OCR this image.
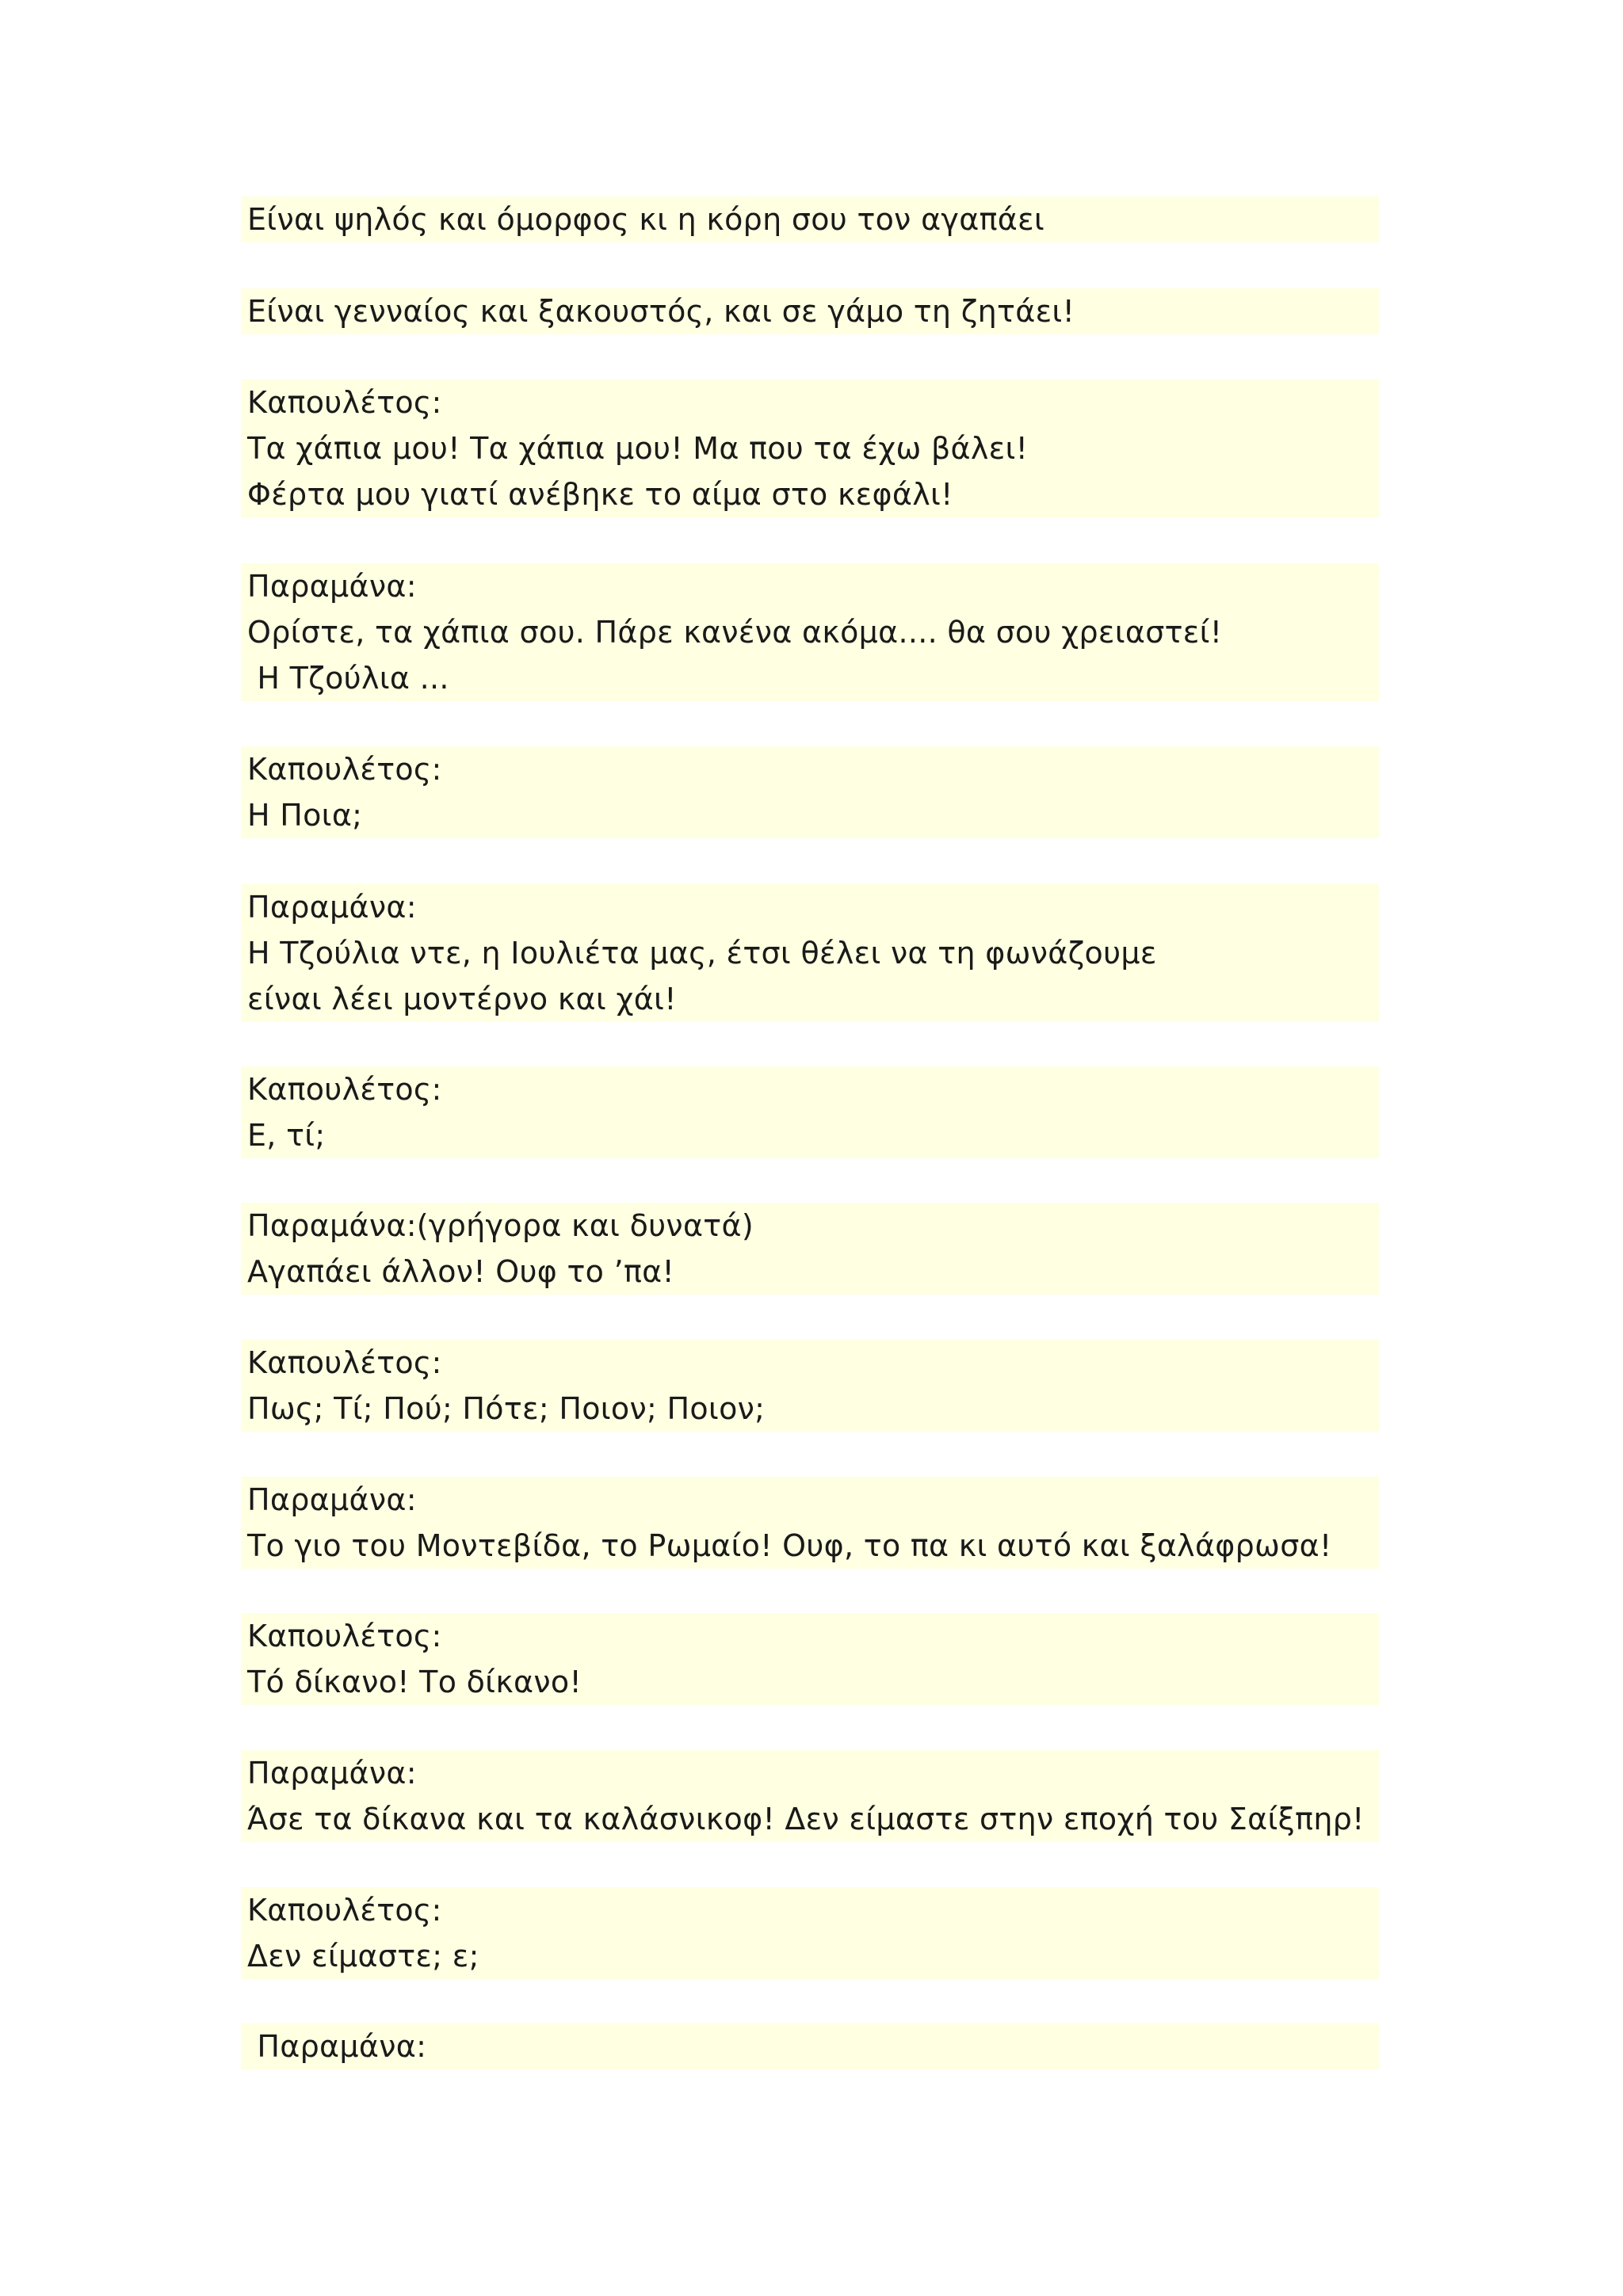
Είναι ψηλός και όμορφος κι η κόρη σου τον αγαπάει
Είναι γενναίος και ξακουστός, και σε γάμο τη ζητάει!
Καπουλέτος:
Τα χάπια μου! Τα χάπια μου! Μα που τα έχω βάλει!
Φέρτα μου γιατί ανέβηκε το αίμα στο κεφάλι!
Παραμάνα:
Ορίστε, τα χάπια σου. Πάρε κανένα ακόμα.... θα σου χρειαστεί!
Η Τζούλια ...
Καπουλέτος:
Η Ποια;
Παραμάνα:
Η Τζούλια ντε, η Ιουλιέτα μας, έτσι θέλει να τη φωνάζουμε
είναι λέει μοντέρνο και χάι!
Καπουλέτος:
Ε, τί;
Παραμάνα:(γρήγορα και δυνατά)
Αγαπάει άλλον! Ουφ το ’πα!
Καπουλέτος:
Πως; Τί; Πού; Πότε; Ποιον; Ποιον;
Παραμάνα:
Το γιο του Μοντεβίδα, το Ρωμαίο! Ουφ, το πα κι αυτό και ξαλάφρωσα!
Καπουλέτος:
Τό δίκανο! Το δίκανο!
Παραμάνα:
Άσε τα δίκανα και τα καλάσνικοφ! Δεν είμαστε στην εποχή του Σαίξπηρ!
Καπουλέτος:
Δεν είμαστε; ε;
Παραμάνα:
